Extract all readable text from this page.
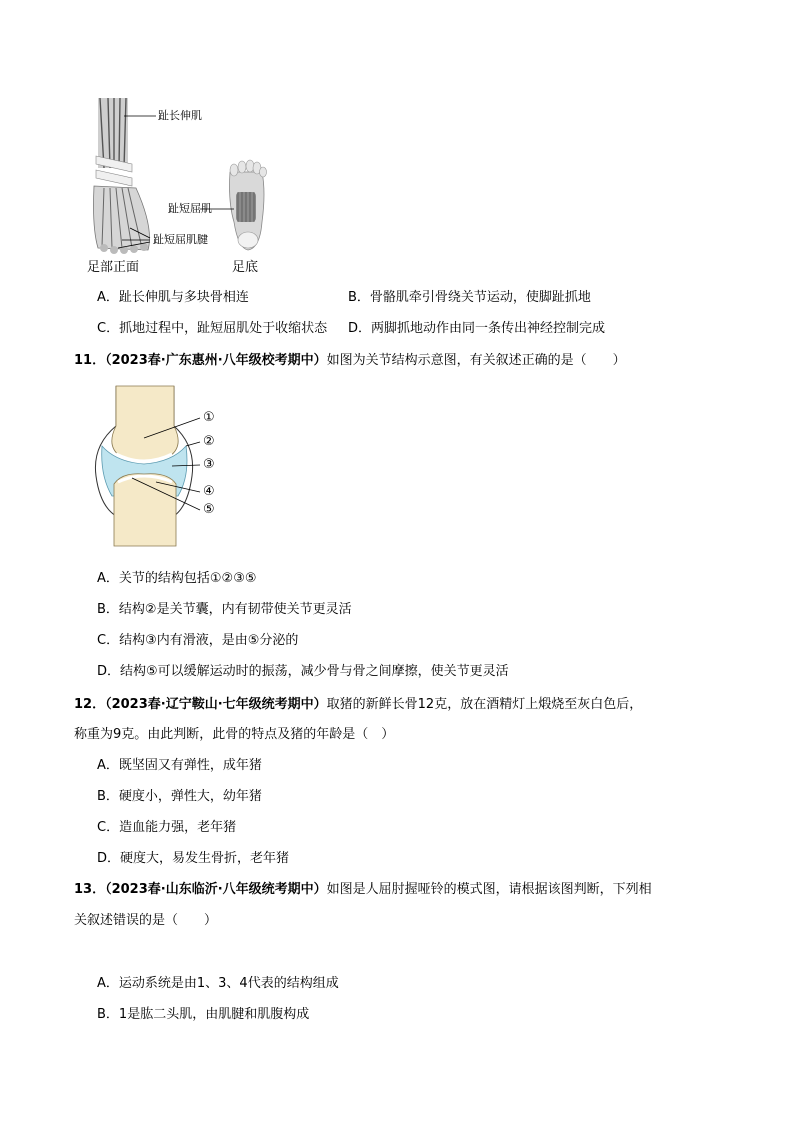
趾长伸肌
趾短屈肌
趾短屈肌腱
足部正面	足底
A．趾长伸肌与多块骨相连	B．骨骼肌牵引骨绕关节运动，使脚趾抓地
C．抓地过程中，趾短屈肌处于收缩状态 D．两脚抓地动作由同一条传出神经控制完成
11．（2023春·广东惠州·八年级校考期中）如图为关节结构示意图，有关叙述正确的是（　　）
①
②
③
④
⑤
A．关节的结构包括①②③⑤
B．结构②是关节囊，内有韧带使关节更灵活
C．结构③内有滑液，是由⑤分泌的
D．结构⑤可以缓解运动时的振荡，减少骨与骨之间摩擦，使关节更灵活
12．（2023春·辽宁鞍山·七年级统考期中）取猪的新鲜长骨12克，放在酒精灯上煅烧至灰白色后，
称重为9克。由此判断，此骨的特点及猪的年龄是（　）
A．既坚固又有弹性，成年猪
B．硬度小，弹性大，幼年猪
C．造血能力强，老年猪
D．硬度大，易发生骨折，老年猪
13．（2023春·山东临沂·八年级统考期中）如图是人屈肘握哑铃的模式图，请根据该图判断，下列相
关叙述错误的是（　　）
A．运动系统是由1、3、4代表的结构组成
B．1是肱二头肌，由肌腱和肌腹构成
